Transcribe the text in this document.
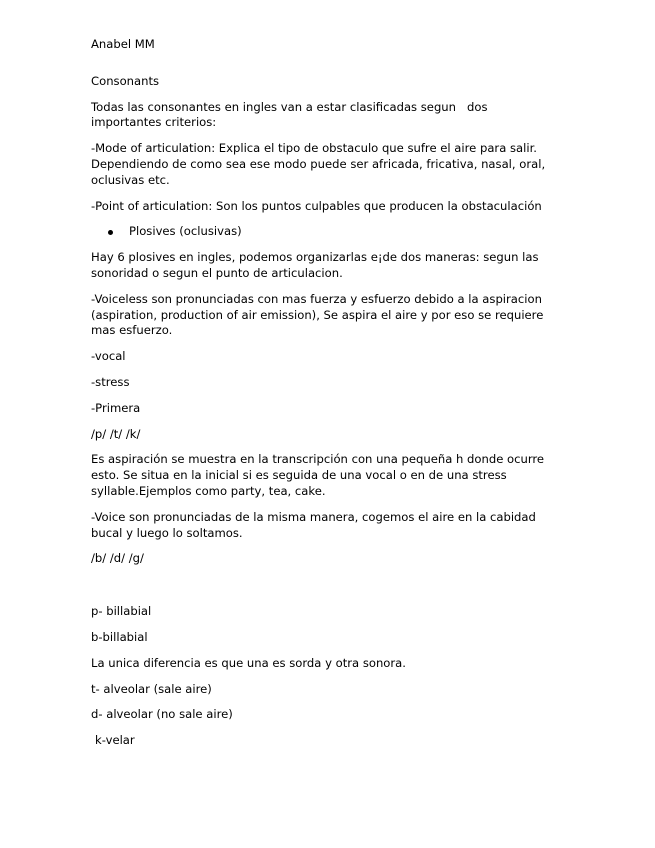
Anabel MM
Consonants
Todas las consonantes en ingles van a estar clasificadas segun   dos importantes criterios:
-Mode of articulation: Explica el tipo de obstaculo que sufre el aire para salir. Dependiendo de como sea ese modo puede ser africada, fricativa, nasal, oral, oclusivas etc.
-Point of articulation: Son los puntos culpables que producen la obstaculación
Plosives (oclusivas)
Hay 6 plosives en ingles, podemos organizarlas e¡de dos maneras: segun las sonoridad o segun el punto de articulacion.
-Voiceless son pronunciadas con mas fuerza y esfuerzo debido a la aspiracion (aspiration, production of air emission), Se aspira el aire y por eso se requiere mas esfuerzo.
-vocal
-stress
-Primera
/p/ /t/ /k/
Es aspiración se muestra en la transcripción con una pequeña h donde ocurre esto. Se situa en la inicial si es seguida de una vocal o en de una stress syllable.Ejemplos como party, tea, cake.
-Voice son pronunciadas de la misma manera, cogemos el aire en la cabidad bucal y luego lo soltamos.
/b/ /d/ /g/
p- billabial
b-billabial
La unica diferencia es que una es sorda y otra sonora.
t- alveolar (sale aire)
d- alveolar (no sale aire)
k-velar
